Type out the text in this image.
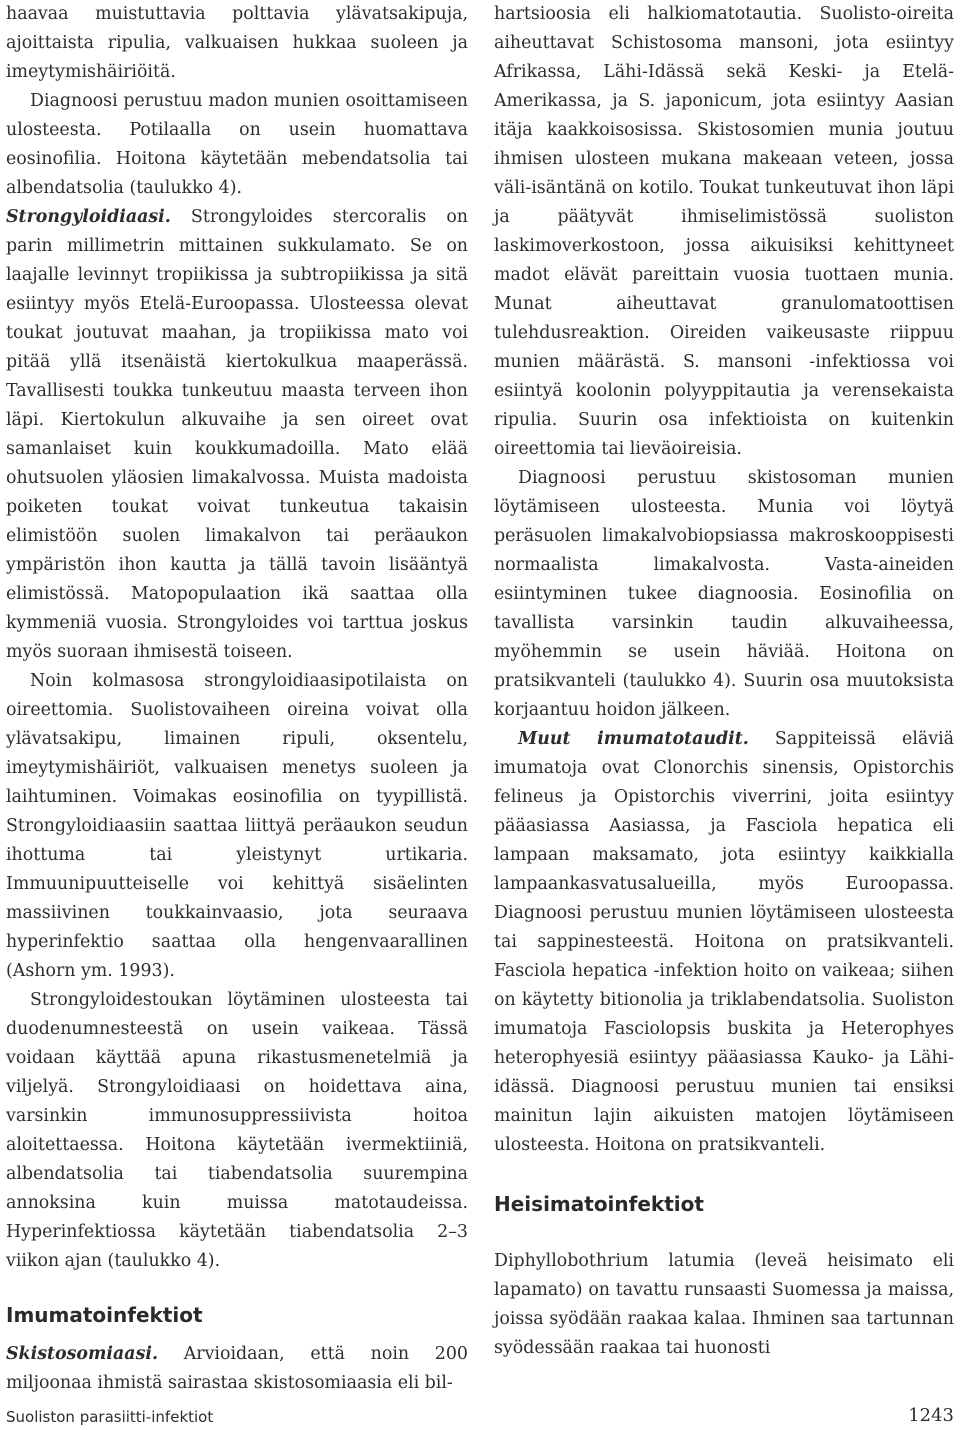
haavaa muistuttavia polttavia ylävatsakipuja, ajoittaista ripulia, valkuaisen hukkaa suoleen ja imeytymishäiriöitä.

Diagnoosi perustuu madon munien osoittamiseen ulosteesta. Potilaalla on usein huomattava eosinofilia. Hoitona käytetään mebendatsolia tai albendatsolia (taulukko 4).

Strongyloidiaasi. Strongyloides stercoralis on parin millimetrin mittainen sukkulamato. Se on laajalle levinnyt tropiikissa ja subtropiikissa ja sitä esiintyy myös Etelä-Euroopassa. Ulosteessa olevat toukat joutuvat maahan, ja tropiikissa mato voi pitää yllä itsenäistä kiertokulkua maaperässä. Tavallisesti toukka tunkeutuu maasta terveen ihon läpi. Kiertokulun alkuvaihe ja sen oireet ovat samanlaiset kuin koukkumadoilla. Mato elää ohutsuolen yläosien limakalvossa. Muista madoista poiketen toukat voivat tunkeutua takaisin elimistöön suolen limakalvon tai peräaukon ympäristön ihon kautta ja tällä tavoin lisääntyä elimistössä. Matopopulaation ikä saattaa olla kymmeniä vuosia. Strongyloides voi tarttua joskus myös suoraan ihmisestä toiseen.

Noin kolmasosa strongyloidiaasipotilaista on oireettomia. Suolistovaiheen oireina voivat olla ylävatsakipu, limainen ripuli, oksentelu, imeytymishäiriöt, valkuaisen menetys suoleen ja laihtuminen. Voimakas eosinofilia on tyypillistä. Strongyloidiaasiin saattaa liittyä peräaukon seudun ihottuma tai yleistynyt urtikaria. Immuunipuutteiselle voi kehittyä sisäelinten massiivinen toukkainvaasio, jota seuraava hyperinfektio saattaa olla hengenvaarallinen (Ashorn ym. 1993).

Strongyloidestoukan löytäminen ulosteesta tai duodenumnesteestä on usein vaikeaa. Tässä voidaan käyttää apuna rikastusmenetelmiä ja viljelyä. Strongyloidiaasi on hoidettava aina, varsinkin immunosuppressiivista hoitoa aloitettaessa. Hoitona käytetään ivermektiiniä, albendatsolia tai tiabendatsolia suurempina annoksina kuin muissa matotaudeissa. Hyperinfektiossa käytetään tiabendatsolia 2–3 viikon ajan (taulukko 4).

Imumatoinfektiot

Skistosomiaasi. Arvioidaan, että noin 200 miljoonaa ihmistä sairastaa skistosomiaasia eli bil-

hartsioosia eli halkiomatotautia. Suolisto-oireita aiheuttavat Schistosoma mansoni, jota esiintyy Afrikassa, Lähi-Idässä sekä Keski- ja Etelä-Amerikassa, ja S. japonicum, jota esiintyy Aasian itäja kaakkoisosissa. Skistosomien munia joutuu ihmisen ulosteen mukana makeaan veteen, jossa väli-isäntänä on kotilo. Toukat tunkeutuvat ihon läpi ja päätyvät ihmiselimistössä suoliston laskimoverkostoon, jossa aikuisiksi kehittyneet madot elävät pareittain vuosia tuottaen munia. Munat aiheuttavat granulomatoottisen tulehdusreaktion. Oireiden vaikeusaste riippuu munien määrästä. S. mansoni -infektiossa voi esiintyä koolonin polyyppitautia ja verensekaista ripulia. Suurin osa infektioista on kuitenkin oireettomia tai lieväoireisia.

Diagnoosi perustuu skistosoman munien löytämiseen ulosteesta. Munia voi löytyä peräsuolen limakalvobiopsiassa makroskooppisesti normaalista limakalvosta. Vasta-aineiden esiintyminen tukee diagnoosia. Eosinofilia on tavallista varsinkin taudin alkuvaiheessa, myöhemmin se usein häviää. Hoitona on pratsikvanteli (taulukko 4). Suurin osa muutoksista korjaantuu hoidon jälkeen.

Muut imumatotaudit. Sappiteissä eläviä imumatoja ovat Clonorchis sinensis, Opistorchis felineus ja Opistorchis viverrini, joita esiintyy pääasiassa Aasiassa, ja Fasciola hepatica eli lampaan maksamato, jota esiintyy kaikkialla lampaankasvatusalueilla, myös Euroopassa. Diagnoosi perustuu munien löytämiseen ulosteesta tai sappinesteestä. Hoitona on pratsikvanteli. Fasciola hepatica -infektion hoito on vaikeaa; siihen on käytetty bitionolia ja triklabendatsolia. Suoliston imumatoja Fasciolopsis buskita ja Heterophyes heterophyesiä esiintyy pääasiassa Kauko- ja Lähi-idässä. Diagnoosi perustuu munien tai ensiksi mainitun lajin aikuisten matojen löytämiseen ulosteesta. Hoitona on pratsikvanteli.

Heisimatoinfektiot

Diphyllobothrium latumia (leveä heisimato eli lapamato) on tavattu runsaasti Suomessa ja maissa, joissa syödään raakaa kalaa. Ihminen saa tartunnan syödessään raakaa tai huonosti

Suoliston parasiitti-infektiot	1243
